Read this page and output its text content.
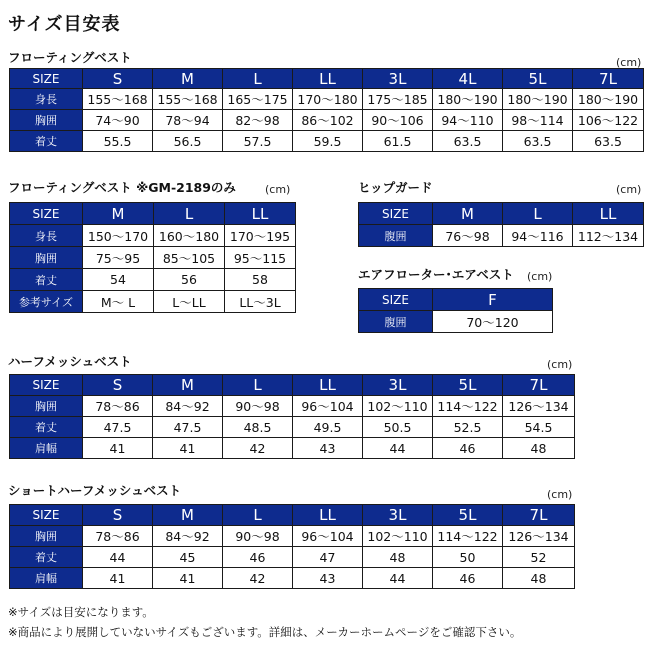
サイズ目安表
フローティングベスト	(cm)
SIZE	S	M	L	LL	3L	4L	5L	7L
身長	155〜168	155〜168	165〜175	170〜180	175〜185	180〜190	180〜190	180〜190
胸囲	74〜90	78〜94	82〜98	86〜102	90〜106	94〜110	98〜114	106〜122
着丈	55.5	56.5	57.5	59.5	61.5	63.5	63.5	63.5
フローティングベスト ※GM-2189のみ	(cm)
SIZE	M	L	LL
身長	150〜170	160〜180	170〜195
胸囲	75〜95	85〜105	95〜115
着丈	54	56	58
参考サイズ	M〜 L	L〜LL	LL〜3L
ヒップガード	(cm)
SIZE	M	L	LL
腹囲	76〜98	94〜116	112〜134
エアフローター･エアベスト (cm)
SIZE	F
腹囲	70〜120
ハーフメッシュベスト	(cm)
SIZE	S	M	L	LL	3L	5L	7L
胸囲	78〜86	84〜92	90〜98	96〜104	102〜110	114〜122	126〜134
着丈	47.5	47.5	48.5	49.5	50.5	52.5	54.5
肩幅	41	41	42	43	44	46	48
ショートハーフメッシュベスト	(cm)
SIZE	S	M	L	LL	3L	5L	7L
胸囲	78〜86	84〜92	90〜98	96〜104	102〜110	114〜122	126〜134
着丈	44	45	46	47	48	50	52
肩幅	41	41	42	43	44	46	48
※サイズは目安になります。
※商品により展開していないサイズもございます。詳細は、メーカーホームページをご確認下さい。
